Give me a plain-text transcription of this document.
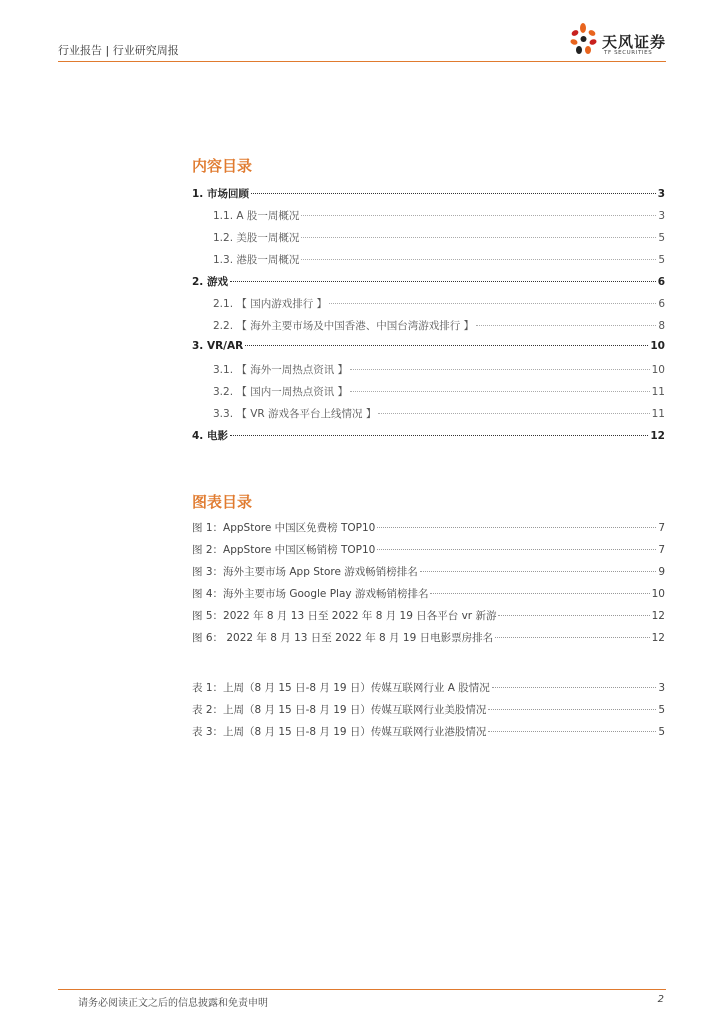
行业报告 | 行业研究周报	天风证券
TF SECURITIES
内容目录
1. 市场回顾	3
1.1. A 股一周概况	3
1.2. 美股一周概况	5
1.3. 港股一周概况	5
2. 游戏	6
2.1. 【 国内游戏排行 】	6
2.2. 【 海外主要市场及中国香港、中国台湾游戏排行 】	8
3. VR/AR	10
3.1. 【 海外一周热点资讯 】	10
3.2. 【 国内一周热点资讯 】	11
3.3. 【 VR 游戏各平台上线情况 】	11
4. 电影	12
图表目录
图 1：AppStore 中国区免费榜 TOP10	7
图 2：AppStore 中国区畅销榜 TOP10	7
图 3：海外主要市场 App Store 游戏畅销榜排名	9
图 4：海外主要市场 Google Play 游戏畅销榜排名	10
图 5：2022 年 8 月 13 日至 2022 年 8 月 19 日各平台 vr 新游	12
图 6： 2022 年 8 月 13 日至 2022 年 8 月 19 日电影票房排名	12
表 1：上周（8 月 15 日-8 月 19 日）传媒互联网行业 A 股情况	3
表 2：上周（8 月 15 日-8 月 19 日）传媒互联网行业美股情况	5
表 3：上周（8 月 15 日-8 月 19 日）传媒互联网行业港股情况	5
请务必阅读正文之后的信息披露和免责申明	2
